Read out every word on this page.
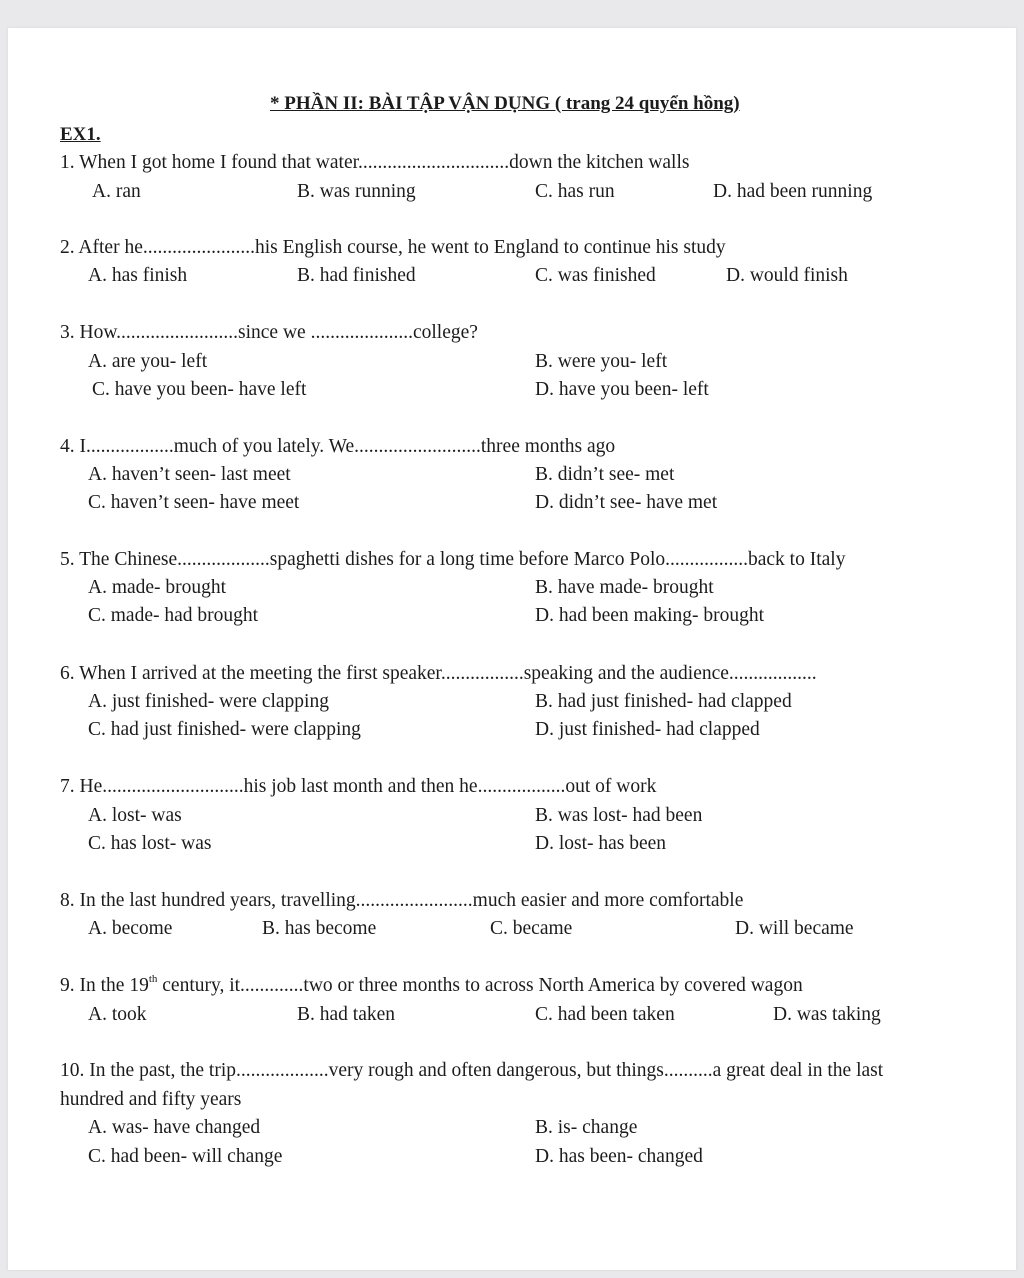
* PHẦN II: BÀI TẬP VẬN DỤNG ( trang 24 quyển hồng)
EX1.
1. When I got home I found that water...............................down the kitchen walls
A. ran	B. was running	C. has run	D. had been running
2. After he.......................his English course, he went to England to continue his study
A. has finish	B. had finished	C. was finished	D. would finish
3. How.........................since we .....................college?
A. are you- left	B. were you- left
C. have you been- have left	D. have you been- left
4. I..................much of you lately. We..........................three months ago
A. haven’t seen- last meet	B. didn’t see- met
C. haven’t seen- have meet	D. didn’t see- have met
5. The Chinese...................spaghetti dishes for a long time before Marco Polo.................back to Italy
A. made- brought	B. have made- brought
C. made- had brought	D. had been making- brought
6. When I arrived at the meeting the first speaker.................speaking and the audience..................
A. just finished- were clapping	B. had just finished- had clapped
C. had just finished- were clapping	D. just finished- had clapped
7. He.............................his job last month and then he..................out of work
A. lost- was	B. was lost- had been
C. has lost- was	D. lost- has been
8. In the last hundred years, travelling........................much easier and more comfortable
A. become	B. has become	C. became	D. will became
9. In the 19th century, it.............two or three months to across North America by covered wagon
A. took	B. had taken	C. had been taken	D. was taking
10. In the past, the trip...................very rough and often dangerous, but things..........a great deal in the last
hundred and fifty years
A. was- have changed	B. is- change
C. had been- will change	D. has been- changed
